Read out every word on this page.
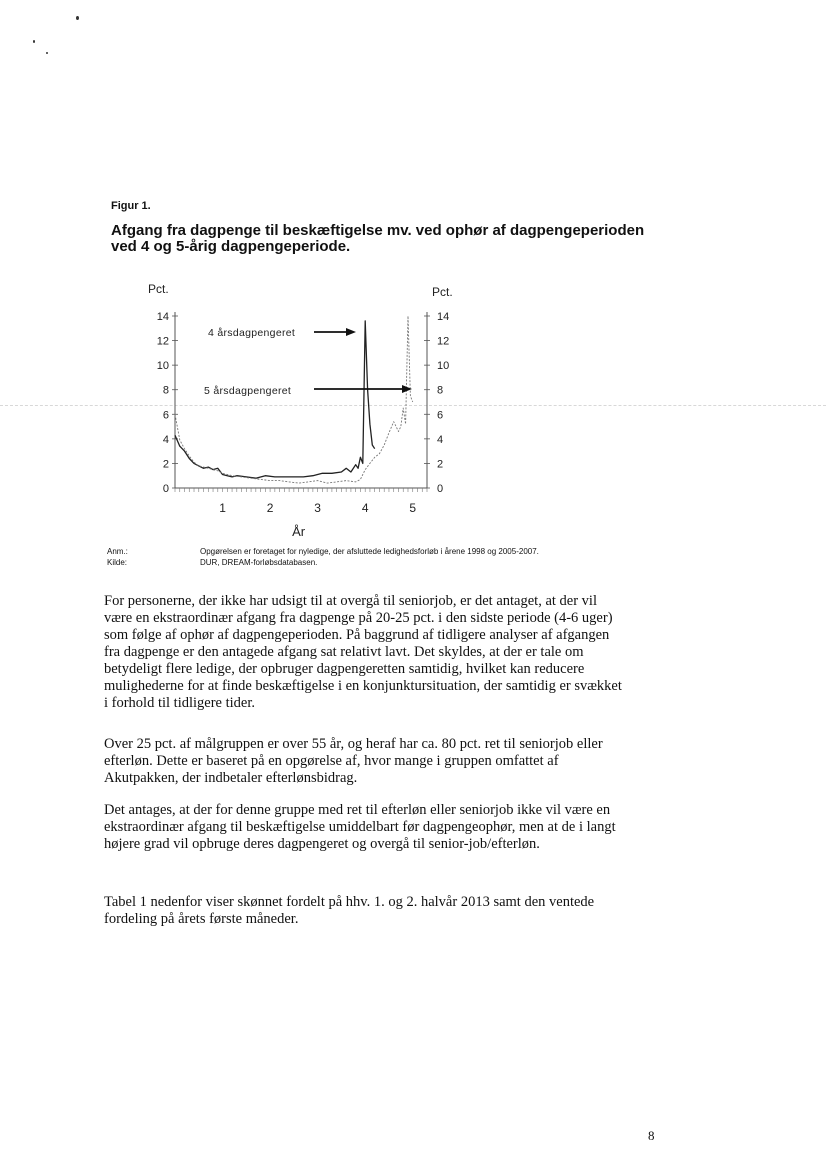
Figur 1.
Afgang fra dagpenge til beskæftigelse mv. ved ophør af dagpengeperioden ved 4 og 5-årig dagpengeperiode.
0	0
2	2
4	4
6	6
8	8
10	10
12	12
14	14
1	2	3	4	5
Pct.	Pct.
År
4 årsdagpengeret
5 årsdagpengeret
Anm.:	Opgørelsen er foretaget for nyledige, der afsluttede ledighedsforløb i årene 1998 og 2005-2007.
Kilde:	DUR, DREAM-forløbsdatabasen.

For personerne, der ikke har udsigt til at overgå til seniorjob, er det antaget, at der vil være en ekstraordinær afgang fra dagpenge på 20-25 pct. i den sidste periode (4-6 uger) som følge af ophør af dagpengeperioden. På baggrund af tidligere analyser af afgangen fra dagpenge er den antagede afgang sat relativt lavt. Det skyldes, at der er tale om betydeligt flere ledige, der opbruger dagpengeretten samtidig, hvilket kan reducere mulighederne for at finde beskæftigelse i en konjunktursituation, der samtidig er svækket i forhold til tidligere tider.

Over 25 pct. af målgruppen er over 55 år, og heraf har ca. 80 pct. ret til seniorjob eller efterløn. Dette er baseret på en opgørelse af, hvor mange i gruppen omfattet af Akutpakken, der indbetaler efterlønsbidrag.

Det antages, at der for denne gruppe med ret til efterløn eller seniorjob ikke vil være en ekstraordinær afgang til beskæftigelse umiddelbart før dagpengeophør, men at de i langt højere grad vil opbruge deres dagpengeret og overgå til senior-job/efterløn.

Tabel 1 nedenfor viser skønnet fordelt på hhv. 1. og 2. halvår 2013 samt den ventede fordeling på årets første måneder.

8
